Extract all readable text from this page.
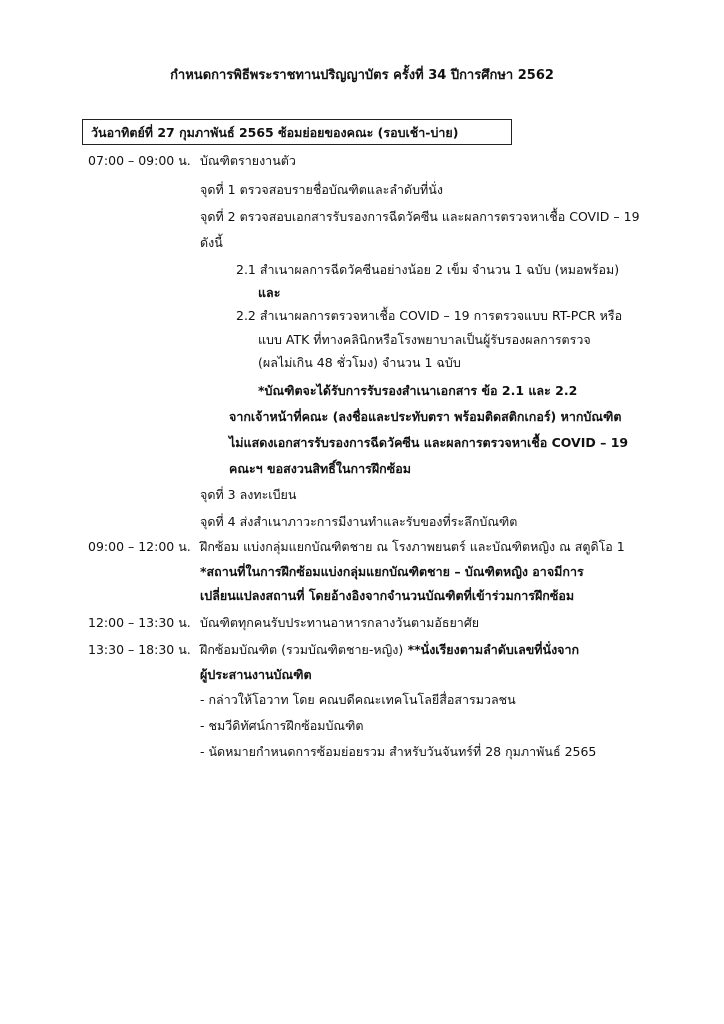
กำหนดการพิธีพระราชทานปริญญาบัตร ครั้งที่ 34 ปีการศึกษา 2562
วันอาทิตย์ที่ 27 กุมภาพันธ์ 2565 ซ้อมย่อยของคณะ (รอบเช้า-บ่าย)
07:00 – 09:00 น. บัณฑิตรายงานตัว
จุดที่ 1 ตรวจสอบรายชื่อบัณฑิตและลำดับที่นั่ง
จุดที่ 2 ตรวจสอบเอกสารรับรองการฉีดวัคซีน และผลการตรวจหาเชื้อ COVID – 19
ดังนี้
2.1 สำเนาผลการฉีดวัคซีนอย่างน้อย 2 เข็ม จำนวน 1 ฉบับ (หมอพร้อม)
และ
2.2 สำเนาผลการตรวจหาเชื้อ COVID – 19 การตรวจแบบ RT-PCR หรือ
แบบ ATK ที่ทางคลินิกหรือโรงพยาบาลเป็นผู้รับรองผลการตรวจ
(ผลไม่เกิน 48 ชั่วโมง) จำนวน 1 ฉบับ
*บัณฑิตจะได้รับการรับรองสำเนาเอกสาร ข้อ 2.1 และ 2.2
จากเจ้าหน้าที่คณะ (ลงชื่อและประทับตรา พร้อมติดสติกเกอร์) หากบัณฑิต
ไม่แสดงเอกสารรับรองการฉีดวัคซีน และผลการตรวจหาเชื้อ COVID – 19
คณะฯ ขอสงวนสิทธิ์ในการฝึกซ้อม
จุดที่ 3 ลงทะเบียน
จุดที่ 4 ส่งสำเนาภาวะการมีงานทำและรับของที่ระลึกบัณฑิต
09:00 – 12:00 น. ฝึกซ้อม แบ่งกลุ่มแยกบัณฑิตชาย ณ โรงภาพยนตร์ และบัณฑิตหญิง ณ สตูดิโอ 1
*สถานที่ในการฝึกซ้อมแบ่งกลุ่มแยกบัณฑิตชาย – บัณฑิตหญิง อาจมีการ
เปลี่ยนแปลงสถานที่ โดยอ้างอิงจากจำนวนบัณฑิตที่เข้าร่วมการฝึกซ้อม
12:00 – 13:30 น. บัณฑิตทุกคนรับประทานอาหารกลางวันตามอัธยาศัย
13:30 – 18:30 น. ฝึกซ้อมบัณฑิต (รวมบัณฑิตชาย-หญิง) **นั่งเรียงตามลำดับเลขที่นั่งจาก
ผู้ประสานงานบัณฑิต
- กล่าวให้โอวาท โดย คณบดีคณะเทคโนโลยีสื่อสารมวลชน
- ชมวีดิทัศน์การฝึกซ้อมบัณฑิต
- นัดหมายกำหนดการซ้อมย่อยรวม สำหรับวันจันทร์ที่ 28 กุมภาพันธ์ 2565
